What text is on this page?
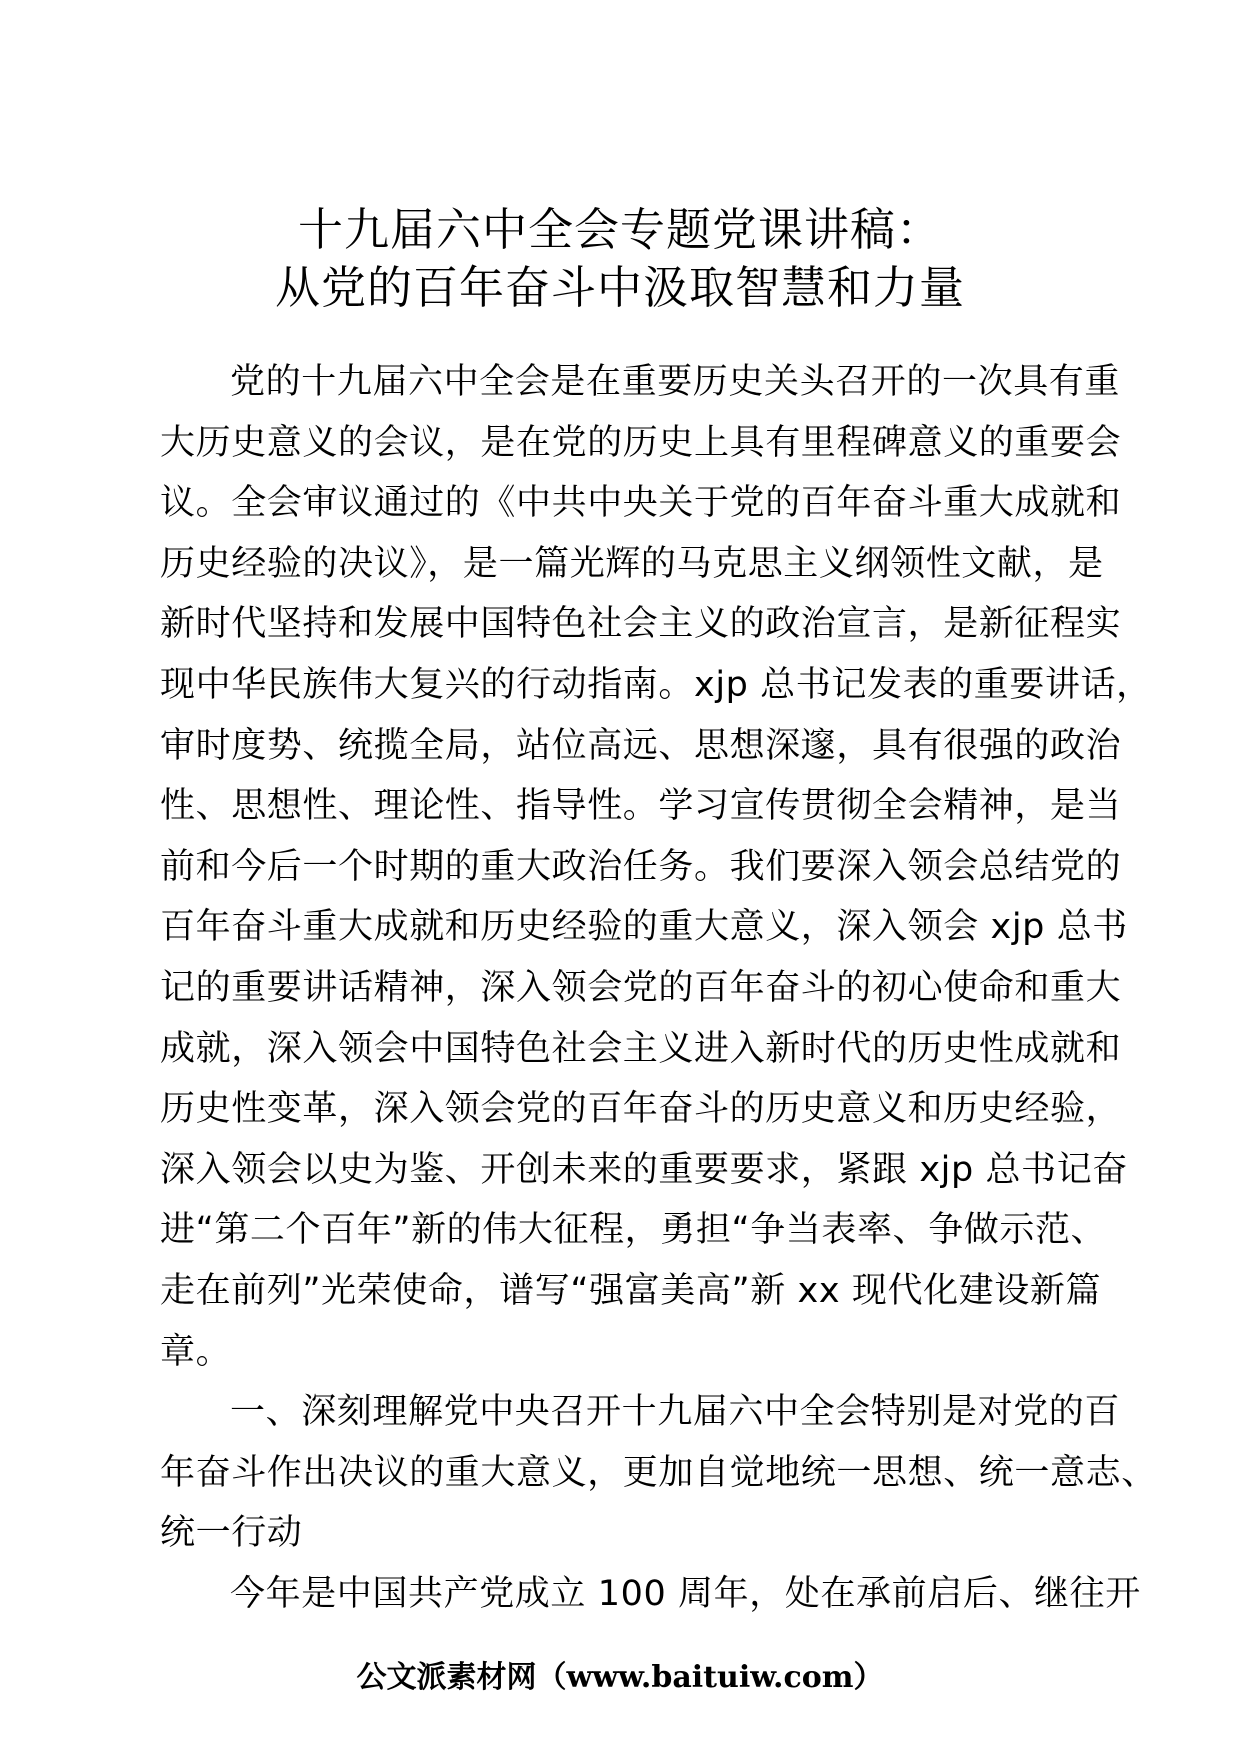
十九届六中全会专题党课讲稿：
从党的百年奋斗中汲取智慧和力量
党的十九届六中全会是在重要历史关头召开的一次具有重
大历史意义的会议，是在党的历史上具有里程碑意义的重要会
议。全会审议通过的《中共中央关于党的百年奋斗重大成就和
历史经验的决议》，是一篇光辉的马克思主义纲领性文献，是
新时代坚持和发展中国特色社会主义的政治宣言，是新征程实
现中华民族伟大复兴的行动指南。xjp 总书记发表的重要讲话，
审时度势、统揽全局，站位高远、思想深邃，具有很强的政治
性、思想性、理论性、指导性。学习宣传贯彻全会精神，是当
前和今后一个时期的重大政治任务。我们要深入领会总结党的
百年奋斗重大成就和历史经验的重大意义，深入领会 xjp 总书
记的重要讲话精神，深入领会党的百年奋斗的初心使命和重大
成就，深入领会中国特色社会主义进入新时代的历史性成就和
历史性变革，深入领会党的百年奋斗的历史意义和历史经验，
深入领会以史为鉴、开创未来的重要要求，紧跟 xjp 总书记奋
进“第二个百年”新的伟大征程，勇担“争当表率、争做示范、
走在前列”光荣使命，谱写“强富美高”新 xx 现代化建设新篇
章。
一、深刻理解党中央召开十九届六中全会特别是对党的百
年奋斗作出决议的重大意义，更加自觉地统一思想、统一意志、
统一行动
今年是中国共产党成立 100 周年，处在承前启后、继往开
公文派素材网（www.baituiw.com）
